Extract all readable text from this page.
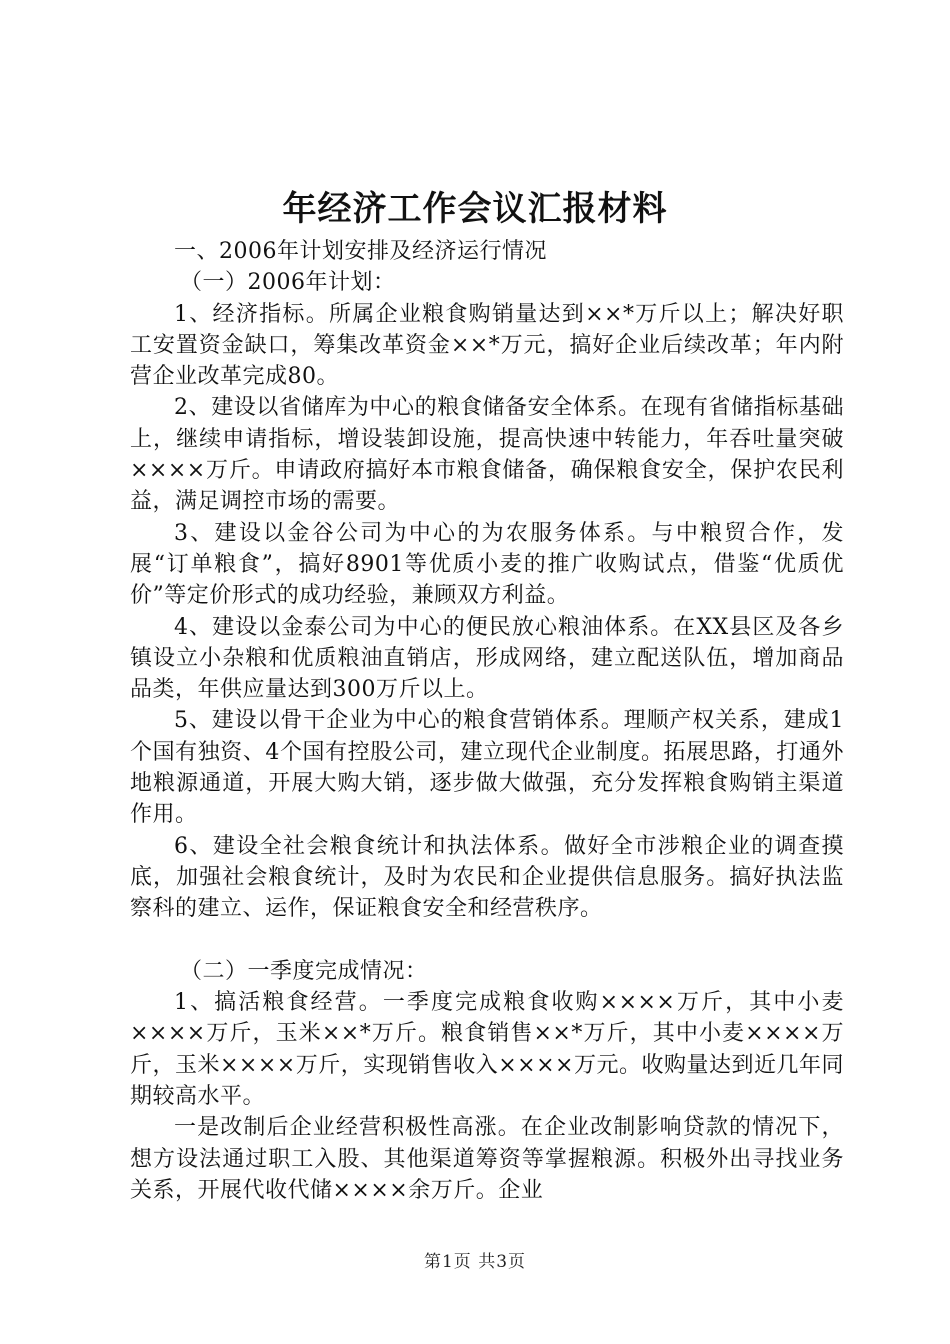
年经济工作会议汇报材料

一、2006年计划安排及经济运行情况

（一）2006年计划：

1、经济指标。所属企业粮食购销量达到××*万斤以上；解决好职工安置资金缺口，筹集改革资金××*万元，搞好企业后续改革；年内附营企业改革完成80。

2、建设以省储库为中心的粮食储备安全体系。在现有省储指标基础上，继续申请指标，增设装卸设施，提高快速中转能力，年吞吐量突破××××万斤。申请政府搞好本市粮食储备，确保粮食安全，保护农民利益，满足调控市场的需要。

3、建设以金谷公司为中心的为农服务体系。与中粮贸合作，发展“订单粮食”，搞好8901等优质小麦的推广收购试点，借鉴“优质优价”等定价形式的成功经验，兼顾双方利益。

4、建设以金泰公司为中心的便民放心粮油体系。在XX县区及各乡镇设立小杂粮和优质粮油直销店，形成网络，建立配送队伍，增加商品品类，年供应量达到300万斤以上。

5、建设以骨干企业为中心的粮食营销体系。理顺产权关系，建成1个国有独资、4个国有控股公司，建立现代企业制度。拓展思路，打通外地粮源通道，开展大购大销，逐步做大做强，充分发挥粮食购销主渠道作用。

6、建设全社会粮食统计和执法体系。做好全市涉粮企业的调查摸底，加强社会粮食统计，及时为农民和企业提供信息服务。搞好执法监察科的建立、运作，保证粮食安全和经营秩序。

（二）一季度完成情况：

1、搞活粮食经营。一季度完成粮食收购××××万斤，其中小麦××××万斤，玉米××*万斤。粮食销售××*万斤，其中小麦××××万斤，玉米××××万斤，实现销售收入××××万元。收购量达到近几年同期较高水平。

一是改制后企业经营积极性高涨。在企业改制影响贷款的情况下，想方设法通过职工入股、其他渠道筹资等掌握粮源。积极外出寻找业务关系，开展代收代储××××余万斤。企业

第1页 共3页
